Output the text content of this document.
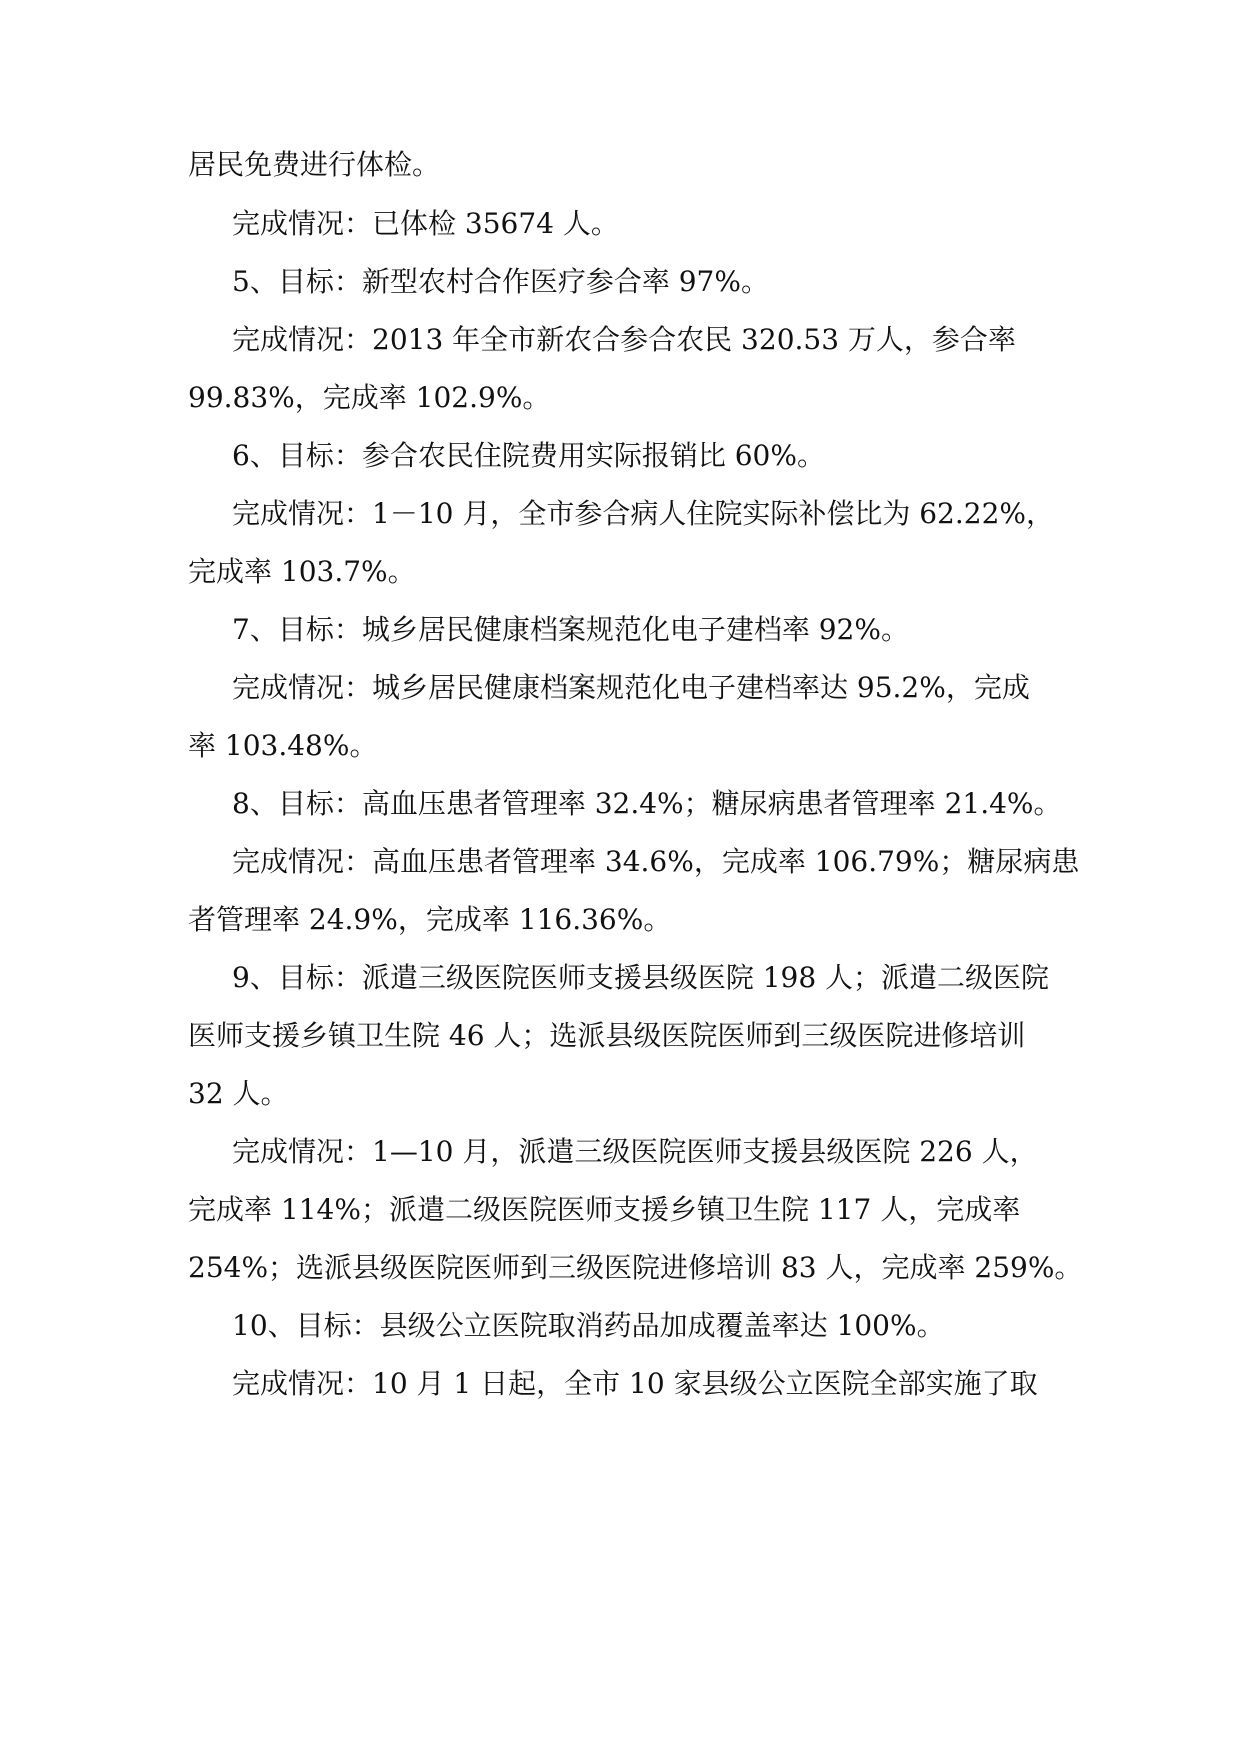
居民免费进行体检。
完成情况：已体检 35674 人。
5、目标：新型农村合作医疗参合率 97%。
完成情况：2013 年全市新农合参合农民 320.53 万人，参合率
99.83%，完成率 102.9%。
6、目标：参合农民住院费用实际报销比 60%。
完成情况：1－10 月，全市参合病人住院实际补偿比为 62.22%，
完成率 103.7%。
7、目标：城乡居民健康档案规范化电子建档率 92%。
完成情况：城乡居民健康档案规范化电子建档率达 95.2%，完成
率 103.48%。
8、目标：高血压患者管理率 32.4%；糖尿病患者管理率 21.4%。
完成情况：高血压患者管理率 34.6%，完成率 106.79%；糖尿病患
者管理率 24.9%，完成率 116.36%。
9、目标：派遣三级医院医师支援县级医院 198 人；派遣二级医院
医师支援乡镇卫生院 46 人；选派县级医院医师到三级医院进修培训
32 人。
完成情况：1—10 月，派遣三级医院医师支援县级医院 226 人，
完成率 114%；派遣二级医院医师支援乡镇卫生院 117 人，完成率
254%；选派县级医院医师到三级医院进修培训 83 人，完成率 259%。
10、目标：县级公立医院取消药品加成覆盖率达 100%。
完成情况：10 月 1 日起，全市 10 家县级公立医院全部实施了取
